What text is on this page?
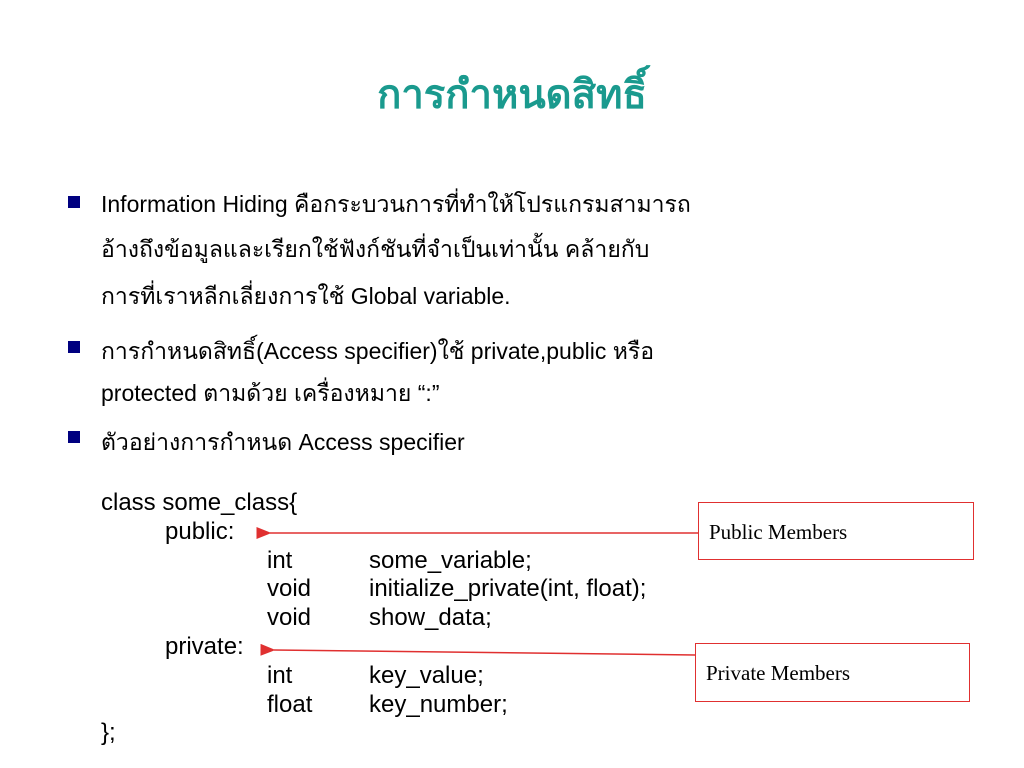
การกำหนดสิทธิ์
Information Hiding คือกระบวนการที่ทำให้โปรแกรมสามารถ
อ้างถึงข้อมูลและเรียกใช้ฟังก์ชันที่จำเป็นเท่านั้น คล้ายกับ
การที่เราหลีกเลี่ยงการใช้ Global variable.
การกำหนดสิทธิ์(Access specifier)ใช้ private,public หรือ
protected ตามด้วย เครื่องหมาย “:”
ตัวอย่างการกำหนด Access specifier
class some_class{
public:
int	some_variable;
void initialize_private(int, float);
void show_data;
private:
int	key_value;
float key_number;
};
Public Members
Private Members
